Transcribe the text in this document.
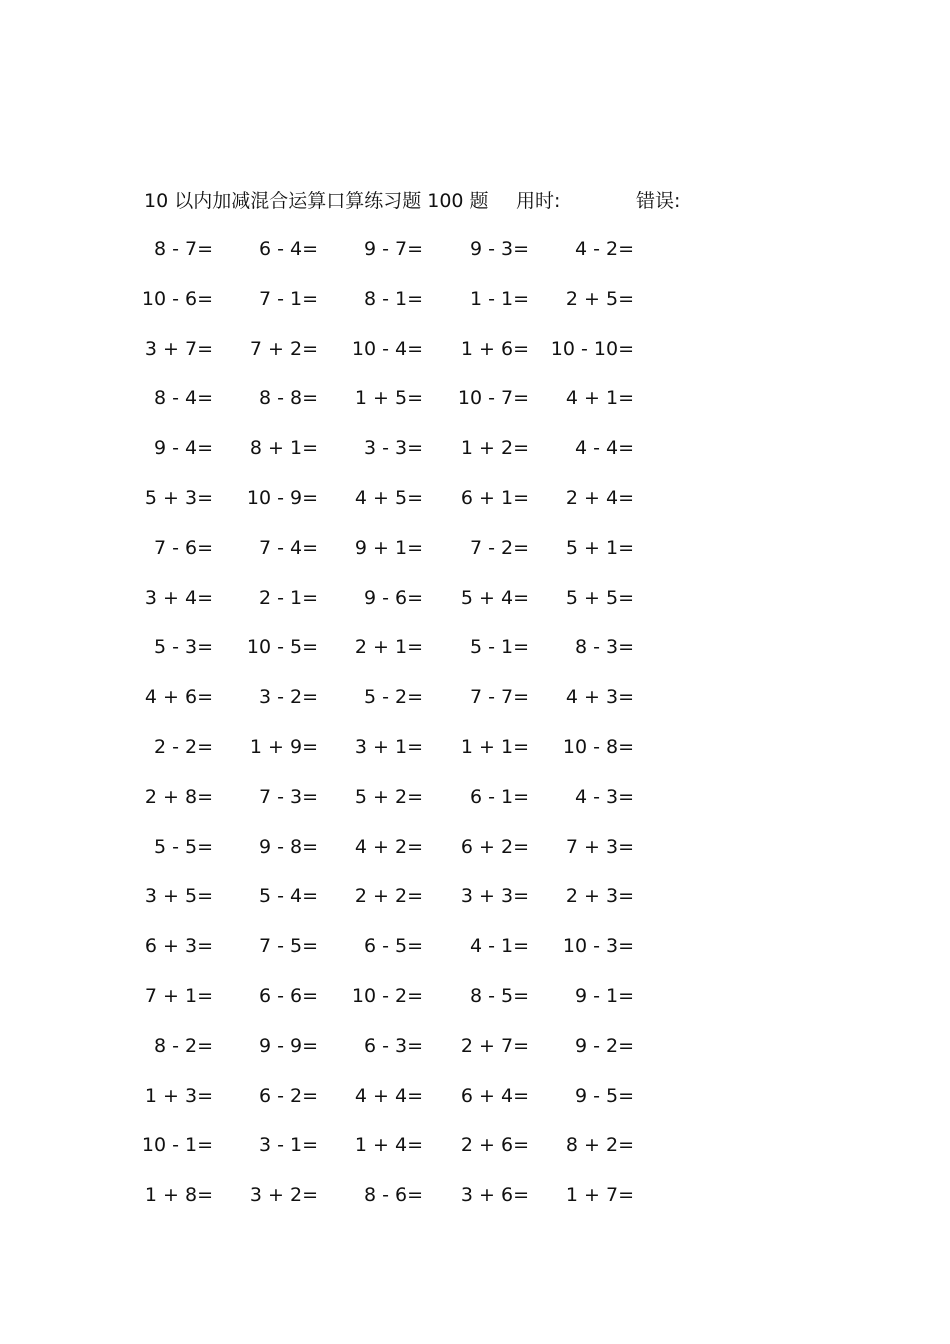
10 以内加减混合运算口算练习题 100 题 用时:	错误:
8 - 7=	6 - 4=	9 - 7=	9 - 3=	4 - 2=
10 - 6=	7 - 1=	8 - 1=	1 - 1=	2 + 5=
3 + 7=	7 + 2=	10 - 4=	1 + 6=	10 - 10=
8 - 4=	8 - 8=	1 + 5=	10 - 7=	4 + 1=
9 - 4=	8 + 1=	3 - 3=	1 + 2=	4 - 4=
5 + 3=	10 - 9=	4 + 5=	6 + 1=	2 + 4=
7 - 6=	7 - 4=	9 + 1=	7 - 2=	5 + 1=
3 + 4=	2 - 1=	9 - 6=	5 + 4=	5 + 5=
5 - 3=	10 - 5=	2 + 1=	5 - 1=	8 - 3=
4 + 6=	3 - 2=	5 - 2=	7 - 7=	4 + 3=
2 - 2=	1 + 9=	3 + 1=	1 + 1=	10 - 8=
2 + 8=	7 - 3=	5 + 2=	6 - 1=	4 - 3=
5 - 5=	9 - 8=	4 + 2=	6 + 2=	7 + 3=
3 + 5=	5 - 4=	2 + 2=	3 + 3=	2 + 3=
6 + 3=	7 - 5=	6 - 5=	4 - 1=	10 - 3=
7 + 1=	6 - 6=	10 - 2=	8 - 5=	9 - 1=
8 - 2=	9 - 9=	6 - 3=	2 + 7=	9 - 2=
1 + 3=	6 - 2=	4 + 4=	6 + 4=	9 - 5=
10 - 1=	3 - 1=	1 + 4=	2 + 6=	8 + 2=
1 + 8=	3 + 2=	8 - 6=	3 + 6=	1 + 7=
